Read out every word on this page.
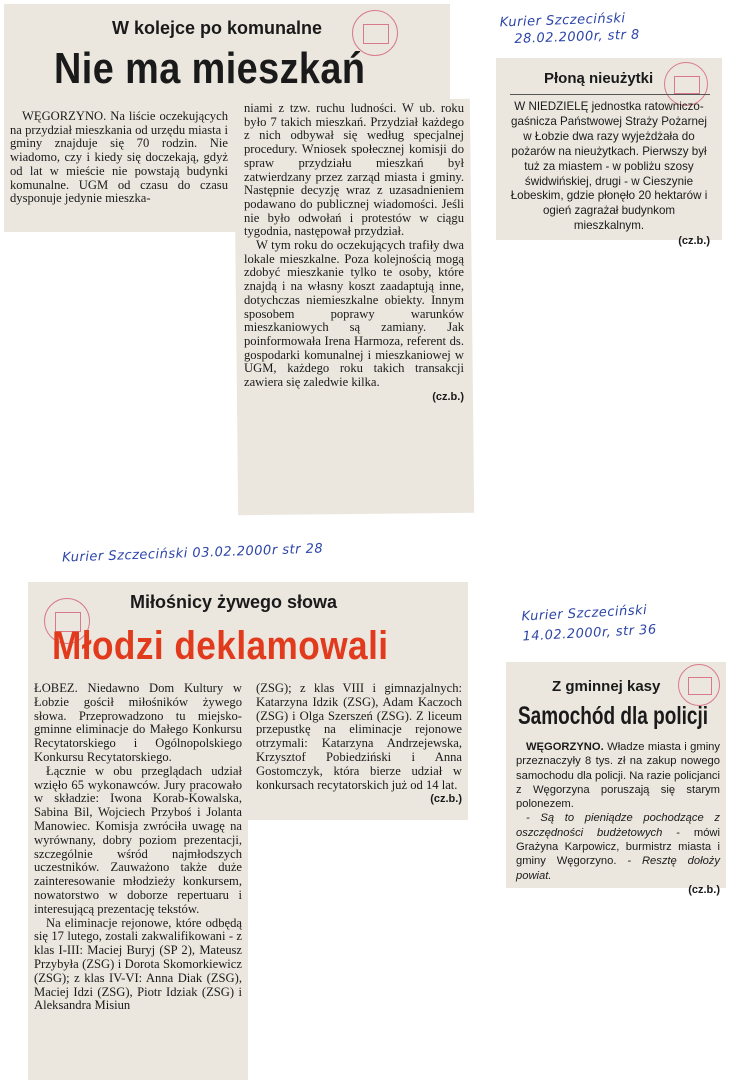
Kurier Szczeciński
28.02.2000r, str 8
Kurier Szczeciński 03.02.2000r str 28
Kurier Szczeciński
14.02.2000r, str 36
W kolejce po komunalne
Nie ma mieszkań

WĘGORZYNO. Na liście oczekujących na przydział mieszkania od urzędu miasta i gminy znajduje się 70 rodzin. Nie wiadomo, czy i kiedy się doczekają, gdyż od lat w mieście nie powstają budynki komunalne. UGM od czasu do czasu dysponuje jedynie mieszka-

niami z tzw. ruchu ludności. W ub. roku było 7 takich mieszkań. Przydział każdego z nich odbywał się według specjalnej procedury. Wniosek społecznej komisji do spraw przydziału mieszkań był zatwierdzany przez zarząd miasta i gminy. Następnie decyzję wraz z uzasadnieniem podawano do publicznej wiadomości. Jeśli nie było odwołań i protestów w ciągu tygodnia, następował przydział.

W tym roku do oczekujących trafiły dwa lokale mieszkalne. Poza kolejnością mogą zdobyć mieszkanie tylko te osoby, które znajdą i na własny koszt zaadaptują inne, dotychczas niemieszkalne obiekty. Innym sposobem poprawy warunków mieszkaniowych są zamiany. Jak poinformowała Irena Harmoza, referent ds. gospodarki komunalnej i mieszkaniowej w UGM, każdego roku takich transakcji zawiera się zaledwie kilka.

(cz.b.)
Płoną nieużytki
W NIEDZIELĘ jednostka ratowniczo-gaśnicza Państwowej Straży Pożarnej w Łobzie dwa razy wyjeżdżała do pożarów na nieużytkach. Pierwszy był tuż za miastem - w pobliżu szosy świdwińskiej, drugi - w Cieszynie Łobeskim, gdzie płonęło 20 hektarów i ogień zagrażał budynkom mieszkalnym.
(cz.b.)
Miłośnicy żywego słowa
Młodzi deklamowali

ŁOBEZ. Niedawno Dom Kultury w Łobzie gościł miłośników żywego słowa. Przeprowadzono tu miejsko-gminne eliminacje do Małego Konkursu Recytatorskiego i Ogólnopolskiego Konkursu Recytatorskiego.

Łącznie w obu przeglądach udział wzięło 65 wykonawców. Jury pracowało w składzie: Iwona Korab-Kowalska, Sabina Bil, Wojciech Przyboś i Jolanta Manowiec. Komisja zwróciła uwagę na wyrównany, dobry poziom prezentacji, szczególnie wśród najmłodszych uczestników. Zauważono także duże zainteresowanie młodzieży konkursem, nowatorstwo w doborze repertuaru i interesującą prezentację tekstów.

Na eliminacje rejonowe, które odbędą się 17 lutego, zostali zakwalifikowani - z klas I-III: Maciej Buryj (SP 2), Mateusz Przybyła (ZSG) i Dorota Skomorkiewicz (ZSG); z klas IV-VI: Anna Diak (ZSG), Maciej Idzi (ZSG), Piotr Idziak (ZSG) i Aleksandra Misiun

(ZSG); z klas VIII i gimnazjalnych: Katarzyna Idzik (ZSG), Adam Kaczoch (ZSG) i Olga Szerszeń (ZSG). Z liceum przepustkę na eliminacje rejonowe otrzymali: Katarzyna Andrzejewska, Krzysztof Pobiedziński i Anna Gostomczyk, która bierze udział w konkursach recytatorskich już od 14 lat.

(cz.b.)
Z gminnej kasy
Samochód dla policji

WĘGORZYNO. Władze miasta i gminy przeznaczyły 8 tys. zł na zakup nowego samochodu dla policji. Na razie policjanci z Węgorzyna poruszają się starym polonezem.

- Są to pieniądze pochodzące z oszczędności budżetowych - mówi Grażyna Karpowicz, burmistrz miasta i gminy Węgorzyno. - Resztę dołoży powiat.

(cz.b.)
